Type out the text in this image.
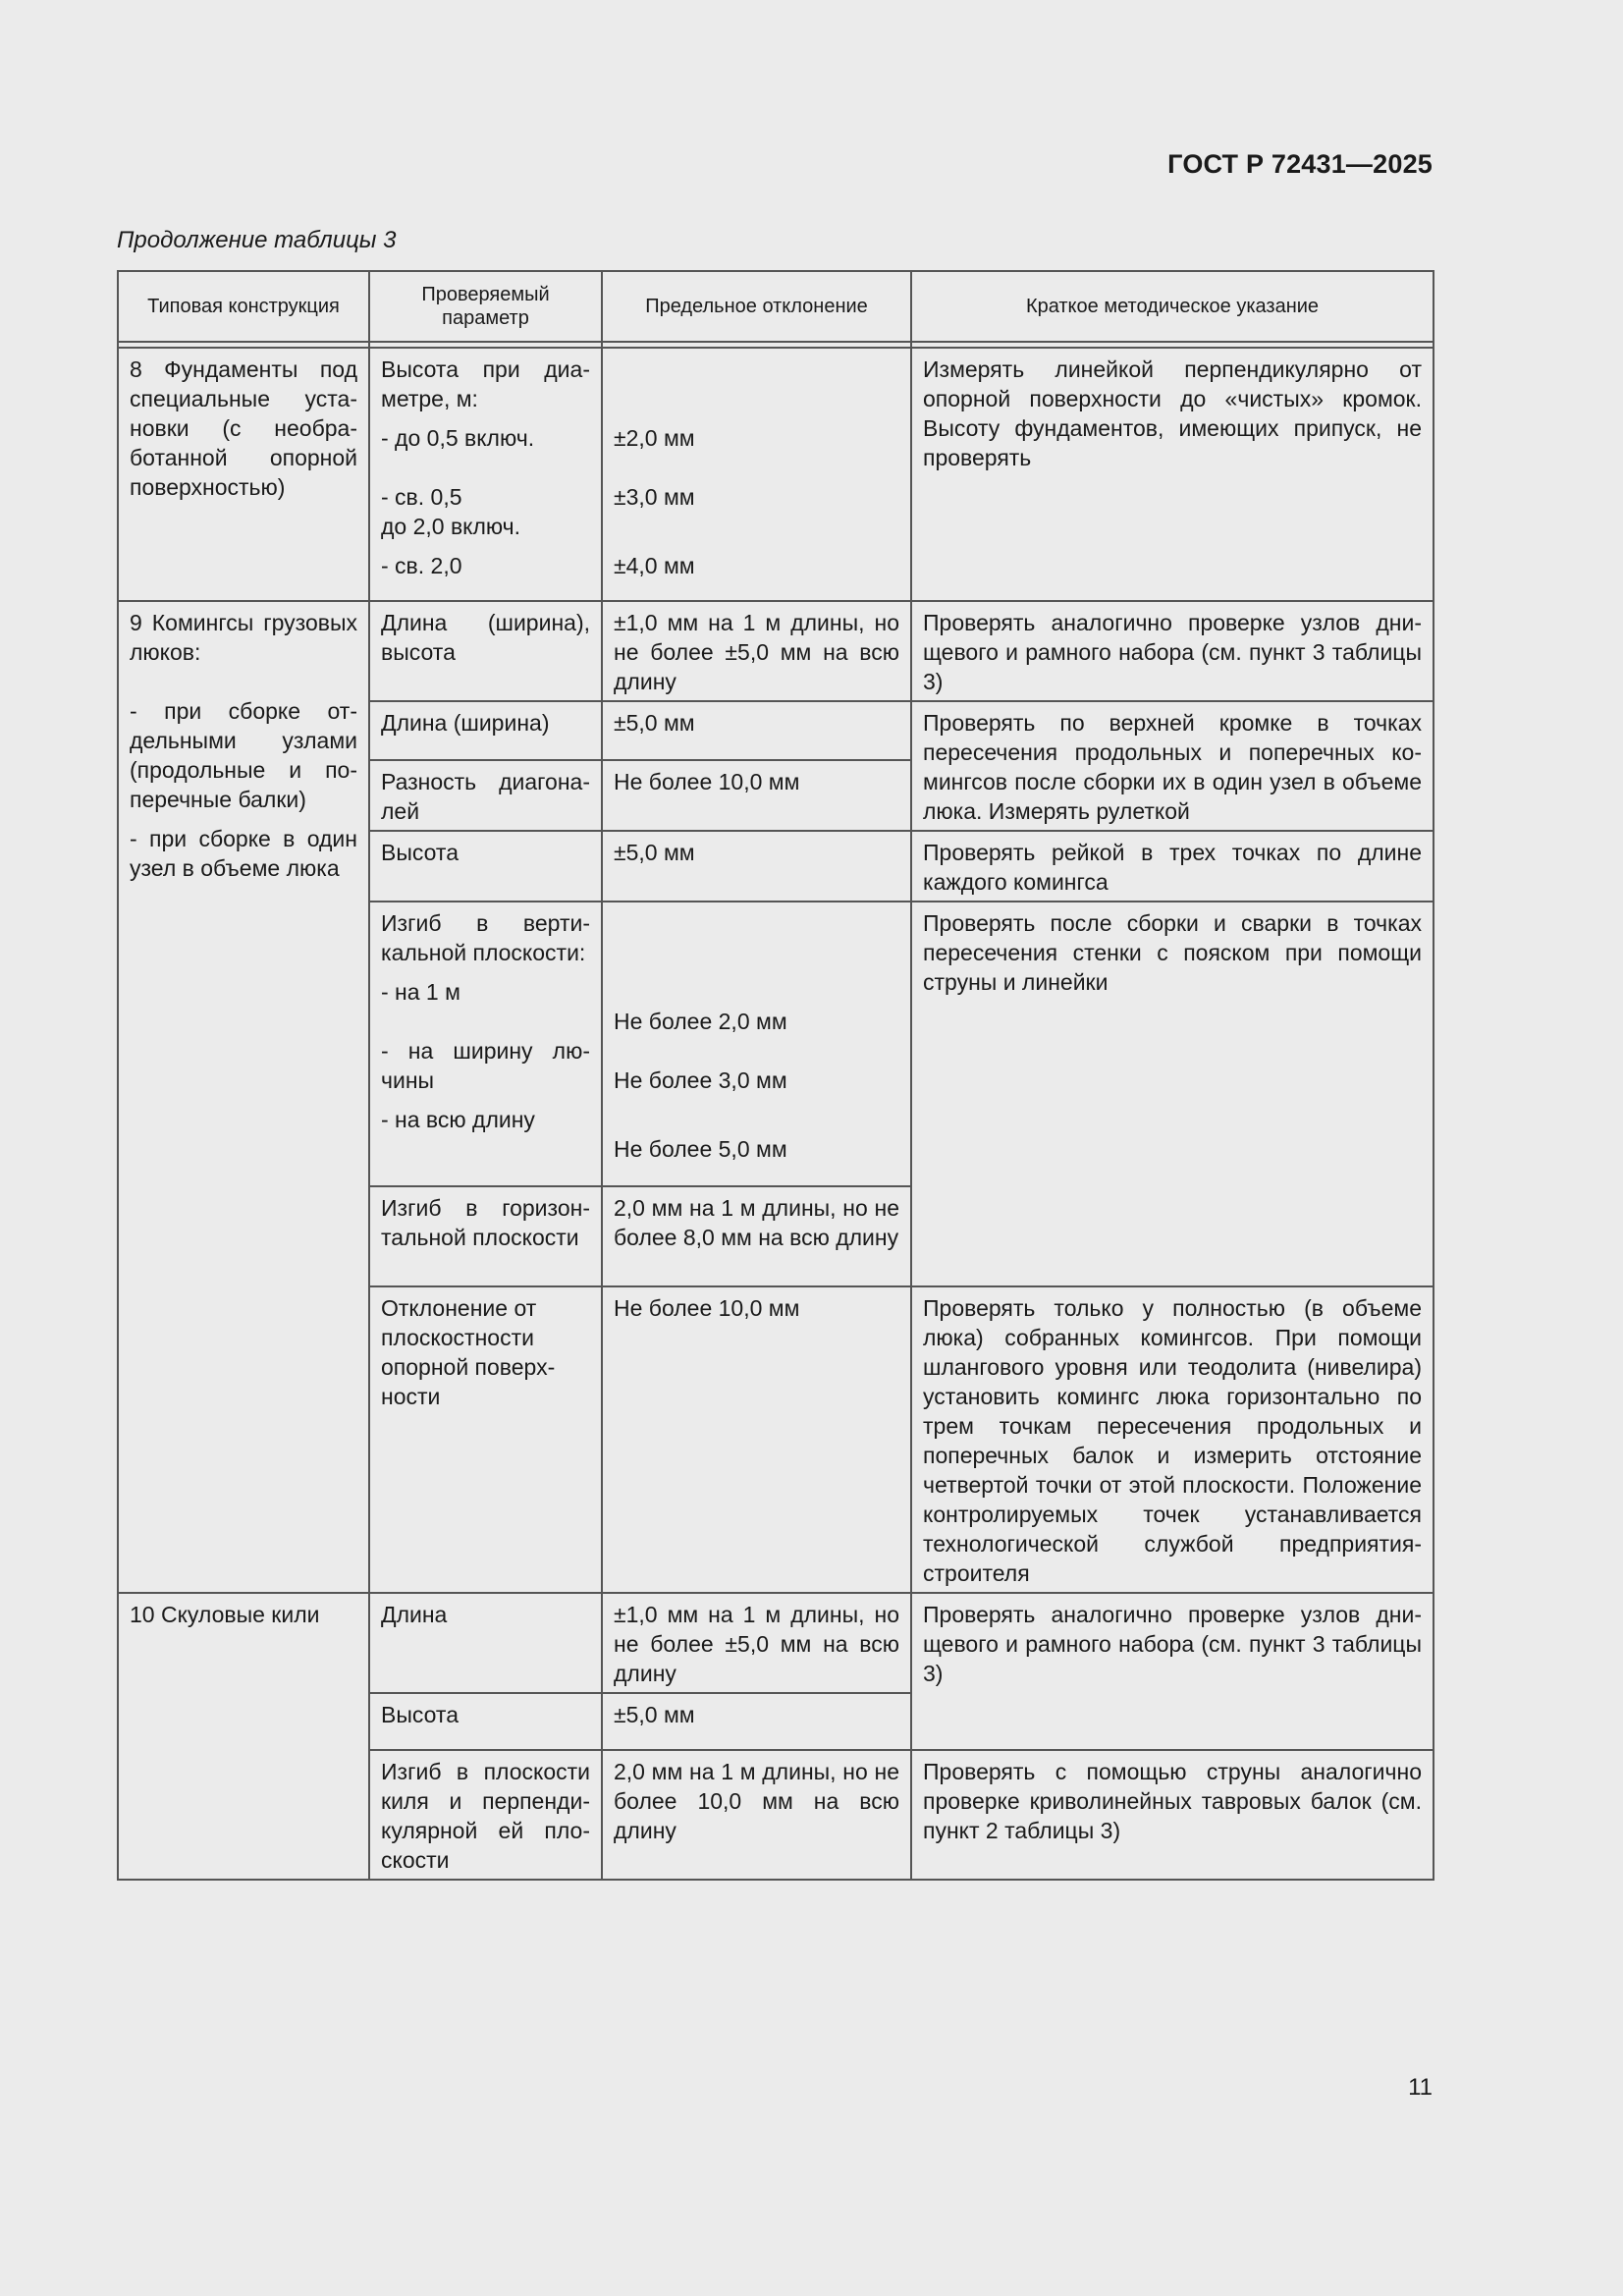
ГОСТ Р 72431—2025
Продолжение таблицы 3
Типовая конструкция	Проверяемый параметр	Предельное отклонение	Краткое методическое указание

8 Фундаменты под специальные установки (с необработанной опорной поверхностью)	Высота при диаметре, м:
- до 0,5 включ.
- св. 0,5
до 2,0 включ.
- св. 2,0	±2,0 мм
±3,0 мм
±4,0 мм	Измерять линейкой перпендикулярно от опорной поверхности до «чистых» кромок. Высоту фундаментов, имеющих припуск, не проверять

9 Комингсы грузовых люков:
- при сборке отдельными узлами (продольные и поперечные балки)
- при сборке в один узел в объеме люка	Длина (ширина), высота	±1,0 мм на 1 м длины, но не более ±5,0 мм на всю длину	Проверять аналогично проверке узлов днищевого и рамного набора (см. пункт 3 таблицы 3)
	Длина (ширина)	±5,0 мм	Проверять по верхней кромке в точках пересечения продольных и поперечных комингсов после сборки их в один узел в объеме люка. Измерять рулеткой
	Разность диагоналей	Не более 10,0 мм	
	Высота	±5,0 мм	Проверять рейкой в трех точках по длине каждого комингса

	Изгиб в вертикальной плоскости:
- на 1 м
- на ширину лючины
- на всю длину	Не более 2,0 мм
Не более 3,0 мм
Не более 5,0 мм	Проверять после сборки и сварки в точках пересечения стенки с пояском при помощи струны и линейки
	Изгиб в горизонтальной плоскости	2,0 мм на 1 м длины, но не более 8,0 мм на всю длину	
	Отклонение от плоскостности опорной поверхности	Не более 10,0 мм	Проверять только у полностью (в объеме люка) собранных комингсов. При помощи шлангового уровня или теодолита (нивелира) установить комингс люка горизонтально по трем точкам пересечения продольных и поперечных балок и измерить отстояние четвертой точки от этой плоскости. Положение контролируемых точек устанавливается технологической службой предприятия-строителя
10 Скуловые кили	Длина	±1,0 мм на 1 м длины, но не более ±5,0 мм на всю длину	Проверять аналогично проверке узлов днищевого и рамного набора (см. пункт 3 таблицы 3)
	Высота	±5,0 мм	
	Изгиб в плоскости киля и перпендикулярной ей плоскости	2,0 мм на 1 м длины, но не более 10,0 мм на всю длину	Проверять с помощью струны аналогично проверке криволинейных тавровых балок (см. пункт 2 таблицы 3)
11
